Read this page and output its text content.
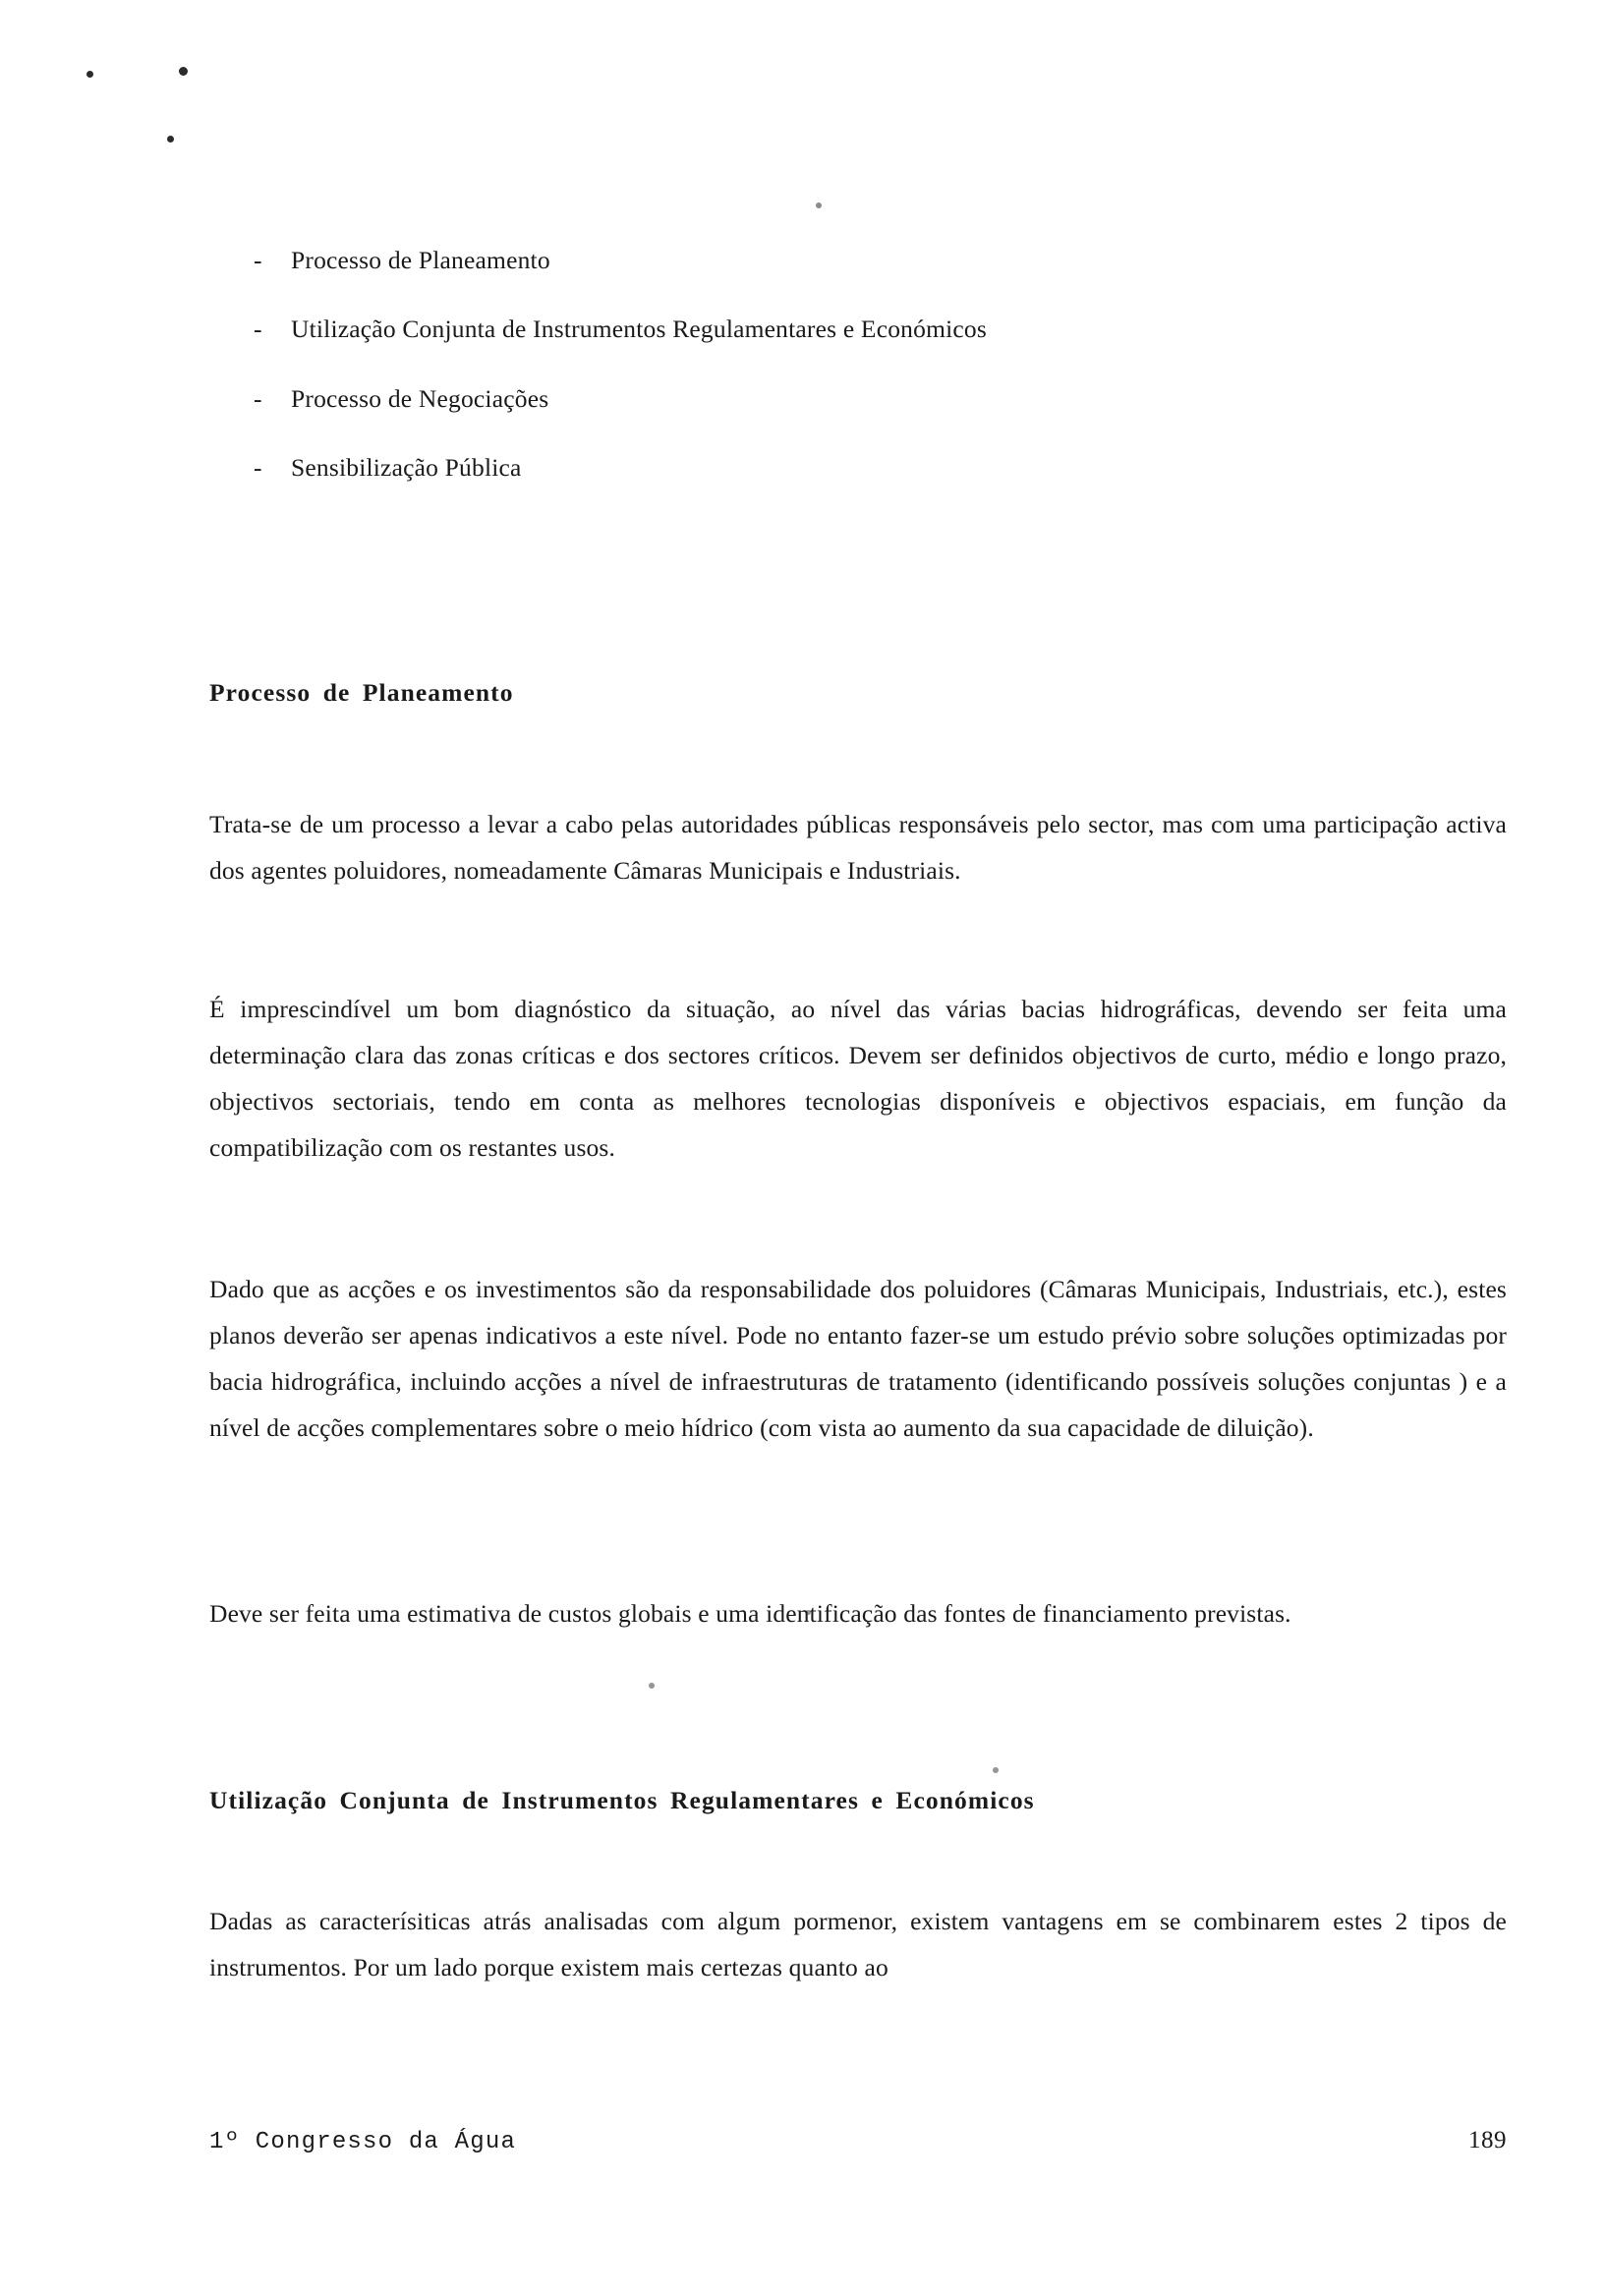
-	Processo de Planeamento
-	Utilização Conjunta de Instrumentos Regulamentares e Económicos
-	Processo de Negociações
-	Sensibilização Pública
Processo de Planeamento

Trata-se de um processo a levar a cabo pelas autoridades públicas responsáveis pelo sector, mas com uma participação activa dos agentes poluidores, nomeadamente Câmaras Municipais e Industriais.

É imprescindível um bom diagnóstico da situação, ao nível das várias bacias hidrográficas, devendo ser feita uma determinação clara das zonas críticas e dos sectores críticos. Devem ser definidos objectivos de curto, médio e longo prazo, objectivos sectoriais, tendo em conta as melhores tecnologias disponíveis e objectivos espaciais, em função da compatibilização com os restantes usos.

Dado que as acções e os investimentos são da responsabilidade dos poluidores (Câmaras Municipais, Industriais, etc.), estes planos deverão ser apenas indicativos a este nível. Pode no entanto fazer-se um estudo prévio sobre soluções optimizadas por bacia hidrográfica, incluindo acções a nível de infraestruturas de tratamento (identificando possíveis soluções conjuntas ) e a nível de acções complementares sobre o meio hídrico (com vista ao aumento da sua capacidade de diluição).

Deve ser feita uma estimativa de custos globais e uma identificação das fontes de financiamento previstas.

Utilização Conjunta de Instrumentos Regulamentares e Económicos

Dadas as caracterísiticas atrás analisadas com algum pormenor, existem vantagens em se combinarem estes 2 tipos de instrumentos. Por um lado porque existem mais certezas quanto ao

1º Congresso da Água	189
